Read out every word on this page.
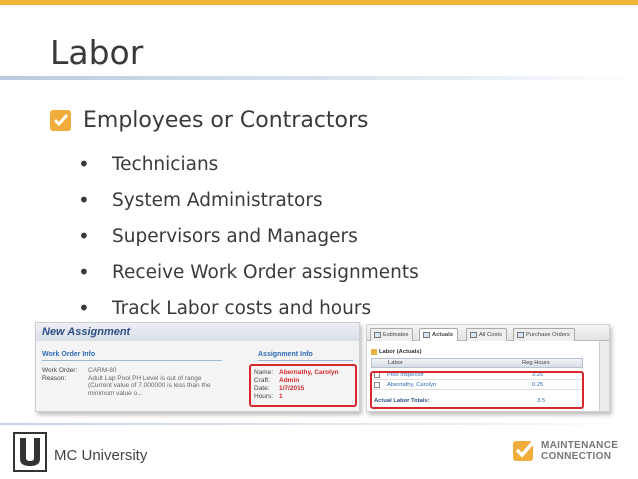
Labor
Employees or Contractors
•	Technicians
•	System Administrators
•	Supervisors and Managers
•	Receive Work Order assignments
•	Track Labor costs and hours
New Assignment
Work Order Info	Assignment Info
Work Order: CARM-80
Reason:	Adult Lap Pool PH Level is out of range (Current value of 7.000000 is less than the minimum value o...
Name: Abernathy, Carolyn
Craft: Admin
Date: 1/7/2015
Hours: 1
Estimates	Actuals	All Costs	Purchase Orders
Labor (Actuals)
Labor	Reg Hours
Pool Inspector	3.25
Abernathy, Carolyn	0.25
Actual Labor Totals:	3.5
MC University
MAINTENANCE
CONNECTION
